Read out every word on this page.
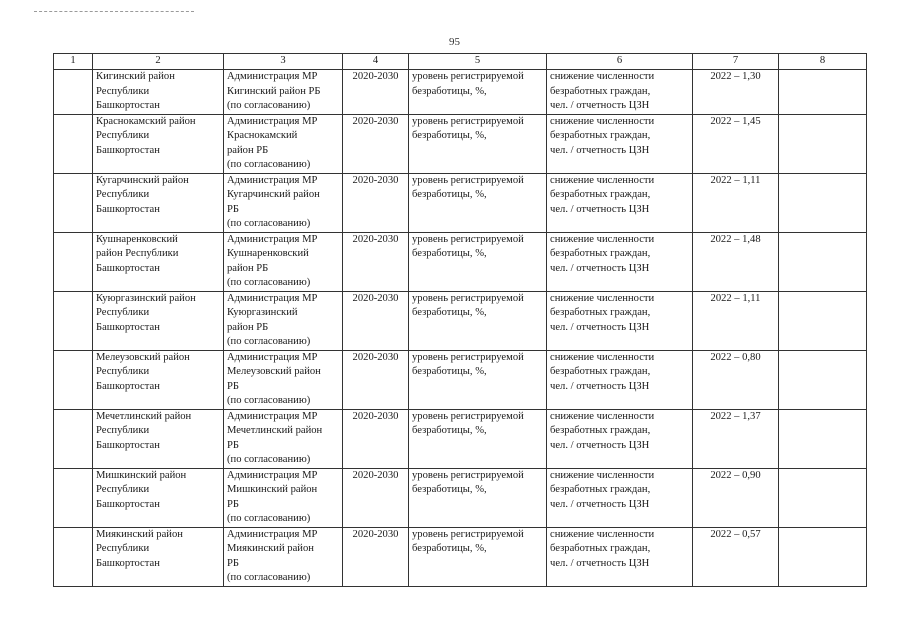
95
1	2	3	4	5	6	7	8

	Кигинский район
Республики
Башкортостан	Администрация МР
Кигинский район РБ
(по согласованию)	2020-2030	уровень регистрируемой
безработицы, %,	снижение численности
безработных граждан,
чел. / отчетность ЦЗН	2022 – 1,30	

	Краснокамский район
Республики
Башкортостан	Администрация МР
Краснокамский
район РБ
(по согласованию)	2020-2030	уровень регистрируемой
безработицы, %,	снижение численности
безработных граждан,
чел. / отчетность ЦЗН	2022 – 1,45	

	Кугарчинский район
Республики
Башкортостан	Администрация МР
Кугарчинский район
РБ
(по согласованию)	2020-2030	уровень регистрируемой
безработицы, %,	снижение численности
безработных граждан,
чел. / отчетность ЦЗН	2022 – 1,11	

	Кушнаренковский
район Республики
Башкортостан	Администрация МР
Кушнаренковский
район РБ
(по согласованию)	2020-2030	уровень регистрируемой
безработицы, %,	снижение численности
безработных граждан,
чел. / отчетность ЦЗН	2022 – 1,48	

	Куюргазинский район
Республики
Башкортостан	Администрация МР
Куюргазинский
район РБ
(по согласованию)	2020-2030	уровень регистрируемой
безработицы, %,	снижение численности
безработных граждан,
чел. / отчетность ЦЗН	2022 – 1,11	

	Мелеузовский район
Республики
Башкортостан	Администрация МР
Мелеузовский район
РБ
(по согласованию)	2020-2030	уровень регистрируемой
безработицы, %,	снижение численности
безработных граждан,
чел. / отчетность ЦЗН	2022 – 0,80	

	Мечетлинский район
Республики
Башкортостан	Администрация МР
Мечетлинский район
РБ
(по согласованию)	2020-2030	уровень регистрируемой
безработицы, %,	снижение численности
безработных граждан,
чел. / отчетность ЦЗН	2022 – 1,37	

	Мишкинский район
Республики
Башкортостан	Администрация МР
Мишкинский район
РБ
(по согласованию)	2020-2030	уровень регистрируемой
безработицы, %,	снижение численности
безработных граждан,
чел. / отчетность ЦЗН	2022 – 0,90	

	Миякинский район
Республики
Башкортостан	Администрация МР
Миякинский район
РБ
(по согласованию)	2020-2030	уровень регистрируемой
безработицы, %,	снижение численности
безработных граждан,
чел. / отчетность ЦЗН	2022 – 0,57	
